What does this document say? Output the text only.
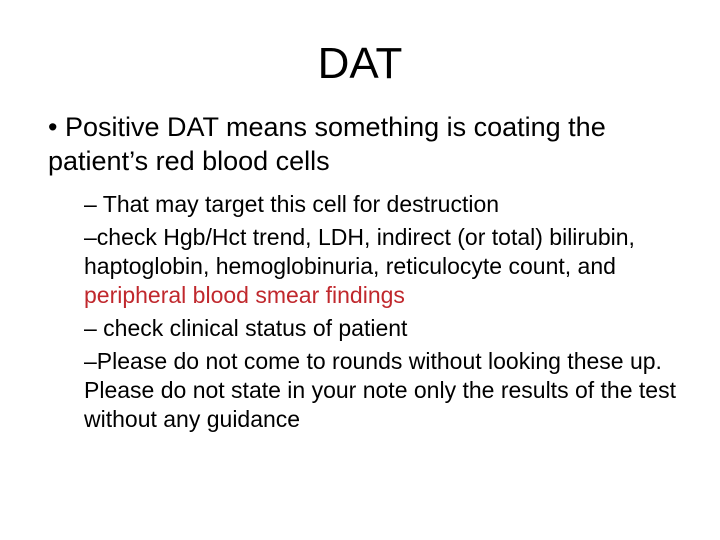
DAT

• Positive DAT means something is coating the patient’s red blood cells

– That may target this cell for destruction
–check Hgb/Hct trend, LDH, indirect (or total) bilirubin, haptoglobin, hemoglobinuria, reticulocyte count, and peripheral blood smear findings
– check clinical status of patient
–Please do not come to rounds without looking these up. Please do not state in your note only the results of the test without any guidance
